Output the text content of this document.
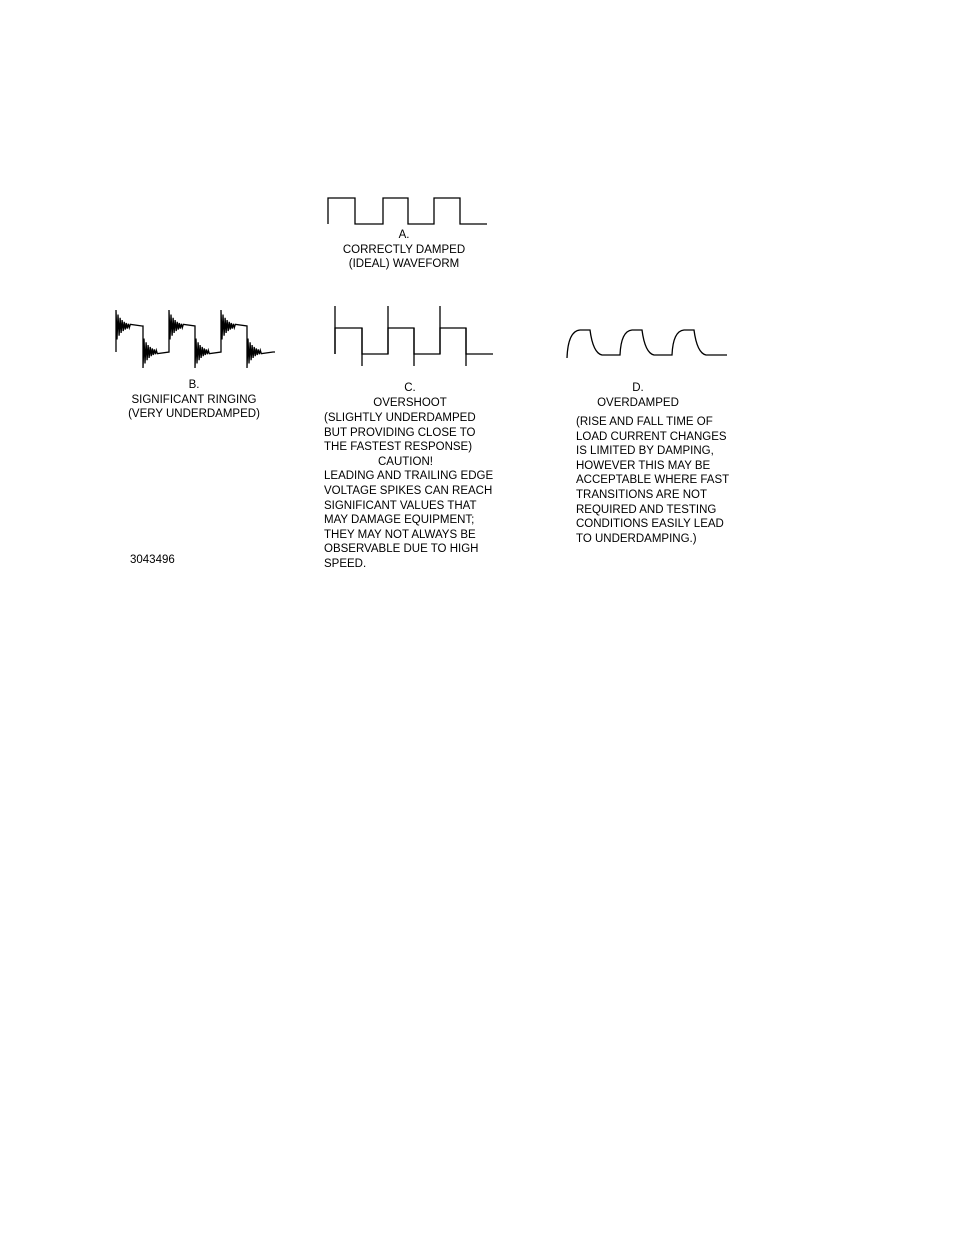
A.
CORRECTLY DAMPED
(IDEAL) WAVEFORM
B.
SIGNIFICANT RINGING
(VERY UNDERDAMPED)
C.
OVERSHOOT
(SLIGHTLY UNDERDAMPED
BUT PROVIDING CLOSE TO
THE FASTEST RESPONSE)
CAUTION!
LEADING AND TRAILING EDGE
VOLTAGE SPIKES CAN REACH
SIGNIFICANT VALUES THAT
MAY DAMAGE EQUIPMENT;
THEY MAY NOT ALWAYS BE
OBSERVABLE DUE TO HIGH
SPEED.
D.
OVERDAMPED
(RISE AND FALL TIME OF
LOAD CURRENT CHANGES
IS LIMITED BY DAMPING,
HOWEVER THIS MAY BE
ACCEPTABLE WHERE FAST
TRANSITIONS ARE NOT
REQUIRED AND TESTING
CONDITIONS EASILY LEAD
TO UNDERDAMPING.)
3043496
